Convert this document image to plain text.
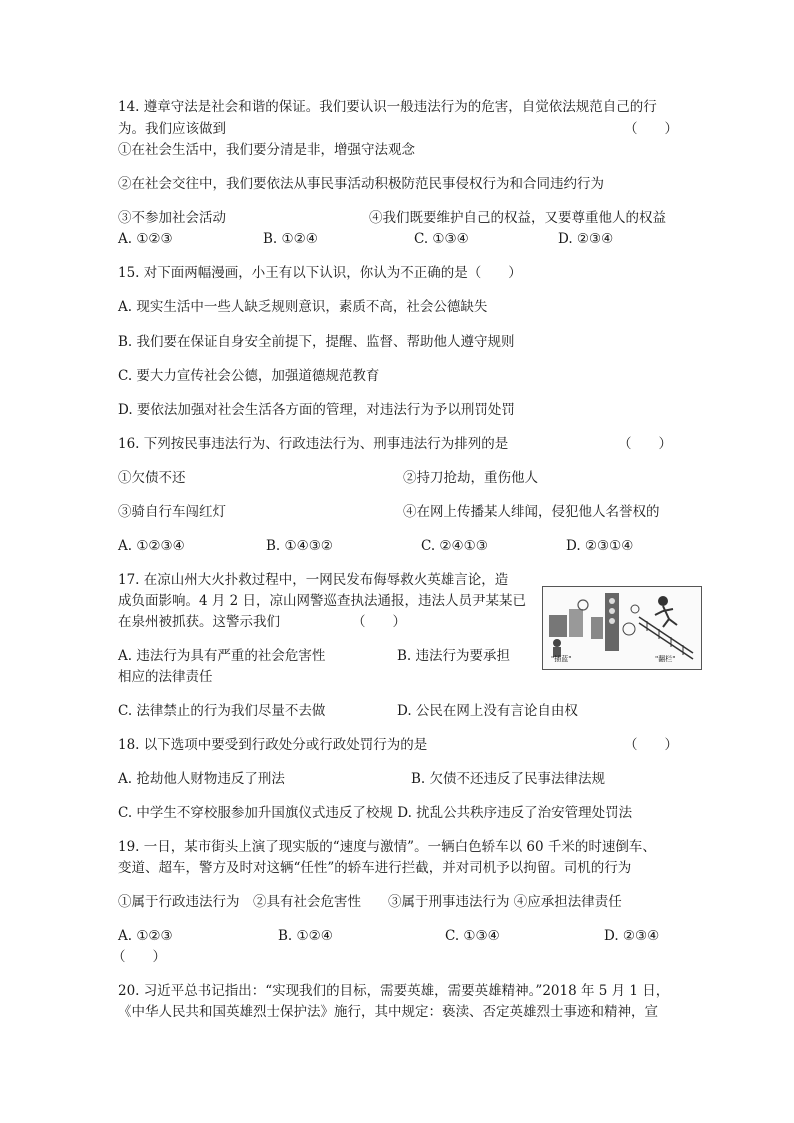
14. 遵章守法是社会和谐的保证。我们要认识一般违法行为的危害，自觉依法规范自己的行
为。我们应该做到	（　　）
①在社会生活中，我们要分清是非，增强守法观念
②在社会交往中，我们要依法从事民事活动积极防范民事侵权行为和合同违约行为
③不参加社会活动	④我们既要维护自己的权益，又要尊重他人的权益
A. ①②③	B. ①②④	C. ①③④	D. ②③④
15. 对下面两幅漫画，小王有以下认识，你认为不正确的是（　　）
A. 现实生活中一些人缺乏规则意识，素质不高，社会公德缺失
B. 我们要在保证自身安全前提下，提醒、监督、帮助他人遵守规则
C. 要大力宣传社会公德，加强道德规范教育
D. 要依法加强对社会生活各方面的管理，对违法行为予以刑罚处罚
16. 下列按民事违法行为、行政违法行为、刑事违法行为排列的是	（　　）
①欠债不还	②持刀抢劫，重伤他人
③骑自行车闯红灯	④在网上传播某人绯闻，侵犯他人名誉权的
A. ①②③④	B. ①④③②	C. ②④①③	D. ②③①④
17. 在凉山州大火扑救过程中，一网民发布侮辱救火英雄言论，造
成负面影响。4 月 2 日，凉山网警巡查执法通报，违法人员尹某某已
在泉州被抓获。这警示我们	（　　）
"插蓝"	"翻栏"
A. 违法行为具有严重的社会危害性	B. 违法行为要承担
相应的法律责任
C. 法律禁止的行为我们尽量不去做	D. 公民在网上没有言论自由权
18. 以下选项中要受到行政处分或行政处罚行为的是	（　　）
A. 抢劫他人财物违反了刑法	B. 欠债不还违反了民事法律法规
C. 中学生不穿校服参加升国旗仪式违反了校规 D. 扰乱公共秩序违反了治安管理处罚法
19. 一日，某市街头上演了现实版的“速度与激情”。一辆白色轿车以 60 千米的时速倒车、
变道、超车，警方及时对这辆“任性”的轿车进行拦截，并对司机予以拘留。司机的行为
①属于行政违法行为　②具有社会危害性　　③属于刑事违法行为 ④应承担法律责任
A. ①②③	B. ①②④	C. ①③④	D. ②③④
（　　）
20. 习近平总书记指出：“实现我们的目标，需要英雄，需要英雄精神。”2018 年 5 月 1 日，
《中华人民共和国英雄烈士保护法》施行，其中规定：亵渎、否定英雄烈士事迹和精神，宣
